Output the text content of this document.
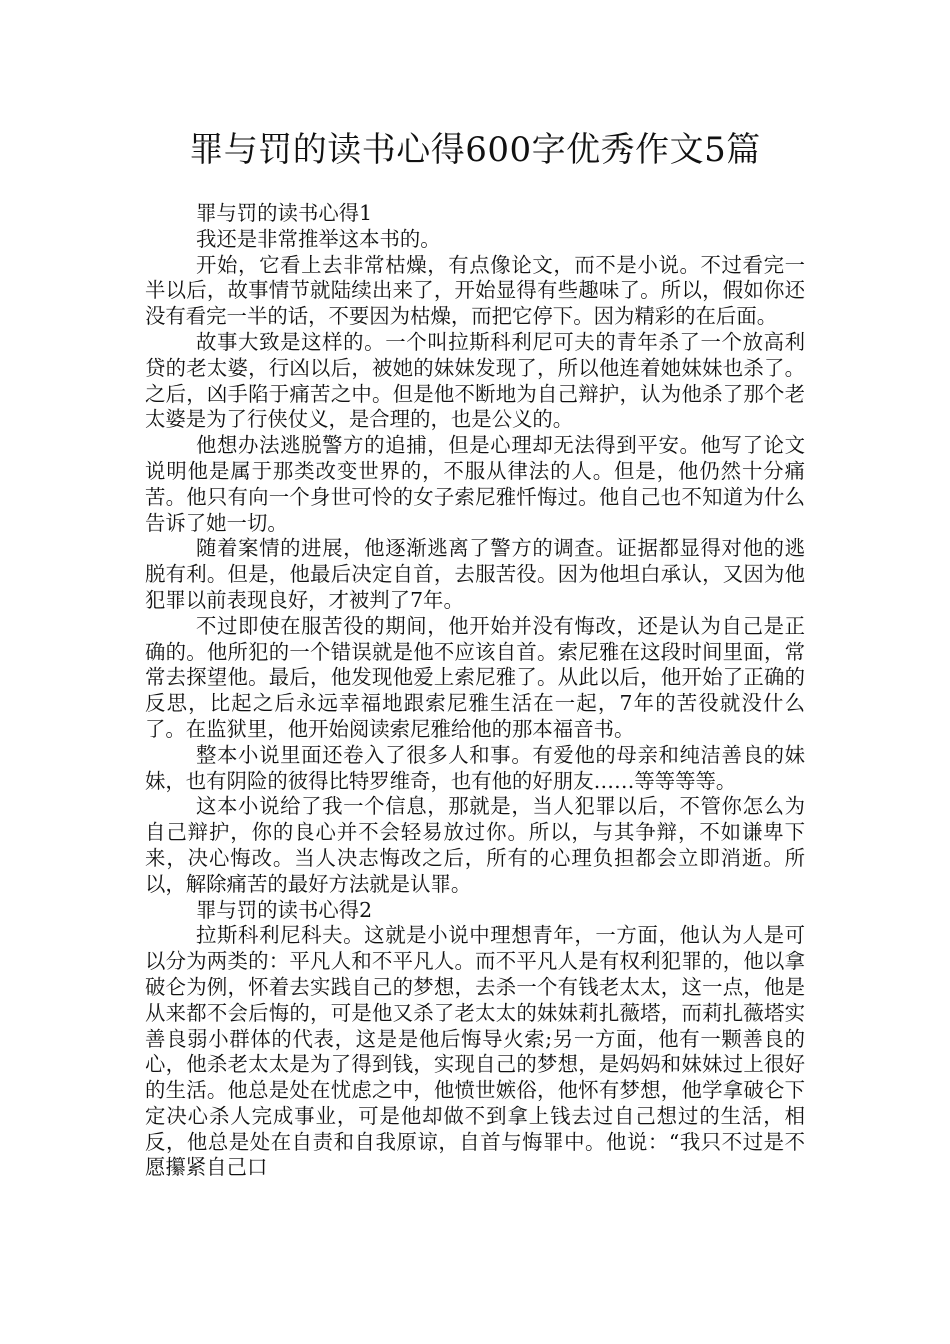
罪与罚的读书心得600字优秀作文5篇

罪与罚的读书心得1

我还是非常推举这本书的。

开始，它看上去非常枯燥，有点像论文，而不是小说。不过看完一半以后，故事情节就陆续出来了，开始显得有些趣味了。所以，假如你还没有看完一半的话，不要因为枯燥，而把它停下。因为精彩的在后面。

故事大致是这样的。一个叫拉斯科利尼可夫的青年杀了一个放高利贷的老太婆，行凶以后，被她的妹妹发现了，所以他连着她妹妹也杀了。之后，凶手陷于痛苦之中。但是他不断地为自己辩护，认为他杀了那个老太婆是为了行侠仗义，是合理的，也是公义的。

他想办法逃脱警方的追捕，但是心理却无法得到平安。他写了论文说明他是属于那类改变世界的，不服从律法的人。但是，他仍然十分痛苦。他只有向一个身世可怜的女子索尼雅忏悔过。他自己也不知道为什么告诉了她一切。

随着案情的进展，他逐渐逃离了警方的调查。证据都显得对他的逃脱有利。但是，他最后决定自首，去服苦役。因为他坦白承认，又因为他犯罪以前表现良好，才被判了7年。

不过即使在服苦役的期间，他开始并没有悔改，还是认为自己是正确的。他所犯的一个错误就是他不应该自首。索尼雅在这段时间里面，常常去探望他。最后，他发现他爱上索尼雅了。从此以后，他开始了正确的反思，比起之后永远幸福地跟索尼雅生活在一起，7年的苦役就没什么了。在监狱里，他开始阅读索尼雅给他的那本福音书。

整本小说里面还卷入了很多人和事。有爱他的母亲和纯洁善良的妹妹，也有阴险的彼得比特罗维奇，也有他的好朋友……等等等等。

这本小说给了我一个信息，那就是，当人犯罪以后，不管你怎么为自己辩护，你的良心并不会轻易放过你。所以，与其争辩，不如谦卑下来，决心悔改。当人决志悔改之后，所有的心理负担都会立即消逝。所以，解除痛苦的最好方法就是认罪。

罪与罚的读书心得2

拉斯科利尼科夫。这就是小说中理想青年，一方面，他认为人是可以分为两类的：平凡人和不平凡人。而不平凡人是有权利犯罪的，他以拿破仑为例，怀着去实践自己的梦想，去杀一个有钱老太太，这一点，他是从来都不会后悔的，可是他又杀了老太太的妹妹莉扎薇塔，而莉扎薇塔实善良弱小群体的代表，这是是他后悔导火索;另一方面，他有一颗善良的心，他杀老太太是为了得到钱，实现自己的梦想，是妈妈和妹妹过上很好的生活。他总是处在忧虑之中，他愤世嫉俗，他怀有梦想，他学拿破仑下定决心杀人完成事业，可是他却做不到拿上钱去过自己想过的生活，相反，他总是处在自责和自我原谅，自首与悔罪中。他说：“我只不过是不愿攥紧自己口
